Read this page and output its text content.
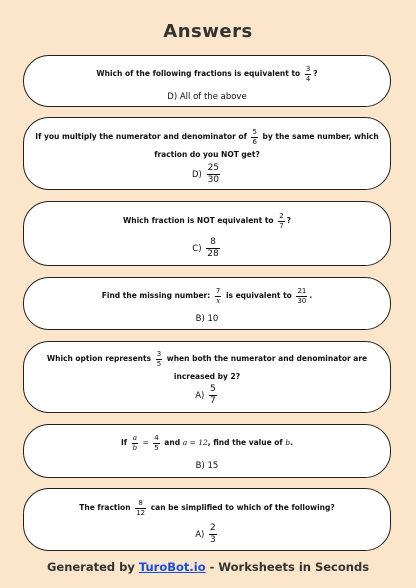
Answers
Which of the following fractions is equivalent to $\frac{3}{4}$ ?
D) All of the above
If you multiply the numerator and denominator of $\frac{5}{6}$ by the same number, which fraction do you NOT get?
$D) \frac{25}{30}$
Which fraction is NOT equivalent to $\frac{2}{7}$ ?
$C) \frac{8}{28}$
Find the missing number: $\frac{7}{x}$ is equivalent to $\frac{21}{30}$ .
B) 10
Which option represents $\frac{3}{5}$ when both the numerator and denominator are increased by 2?
$A) \frac{5}{7}$
If $\frac{a}{b} = \frac{4}{5}$ and a = 12, find the value of b.
B) 15
The fraction $\frac{8}{12}$ can be simplified to which of the following?
$A) \frac{2}{3}$
Generated by TuroBot.io - Worksheets in Seconds
